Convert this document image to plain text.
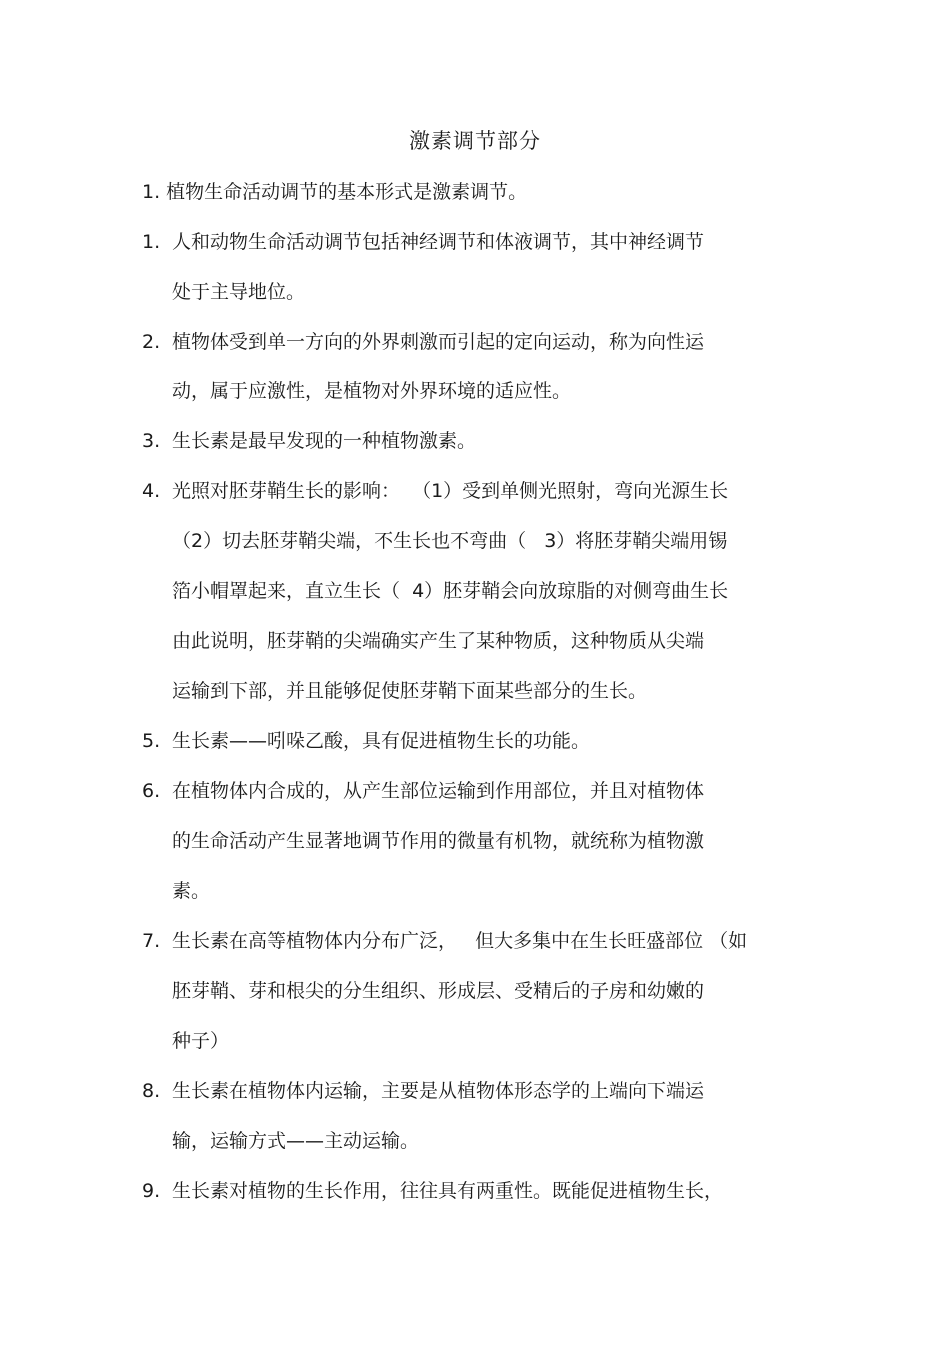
激素调节部分
1. 植物生命活动调节的基本形式是激素调节。
1. 人和动物生命活动调节包括神经调节和体液调节，其中神经调节
处于主导地位。
2. 植物体受到单一方向的外界刺激而引起的定向运动，称为向性运
动，属于应激性，是植物对外界环境的适应性。
3. 生长素是最早发现的一种植物激素。
4. 光照对胚芽鞘生长的影响：  （1）受到单侧光照射，弯向光源生长
（2）切去胚芽鞘尖端，不生长也不弯曲（   3）将胚芽鞘尖端用锡
箔小帽罩起来，直立生长（  4）胚芽鞘会向放琼脂的对侧弯曲生长
由此说明，胚芽鞘的尖端确实产生了某种物质，这种物质从尖端
运输到下部，并且能够促使胚芽鞘下面某些部分的生长。
5. 生长素——吲哚乙酸，具有促进植物生长的功能。
6. 在植物体内合成的，从产生部位运输到作用部位，并且对植物体
的生命活动产生显著地调节作用的微量有机物，就统称为植物激
素。
7. 生长素在高等植物体内分布广泛，   但大多集中在生长旺盛部位 （如
胚芽鞘、芽和根尖的分生组织、形成层、受精后的子房和幼嫩的
种子）
8. 生长素在植物体内运输，主要是从植物体形态学的上端向下端运
输，运输方式——主动运输。
9. 生长素对植物的生长作用，往往具有两重性。既能促进植物生长，
